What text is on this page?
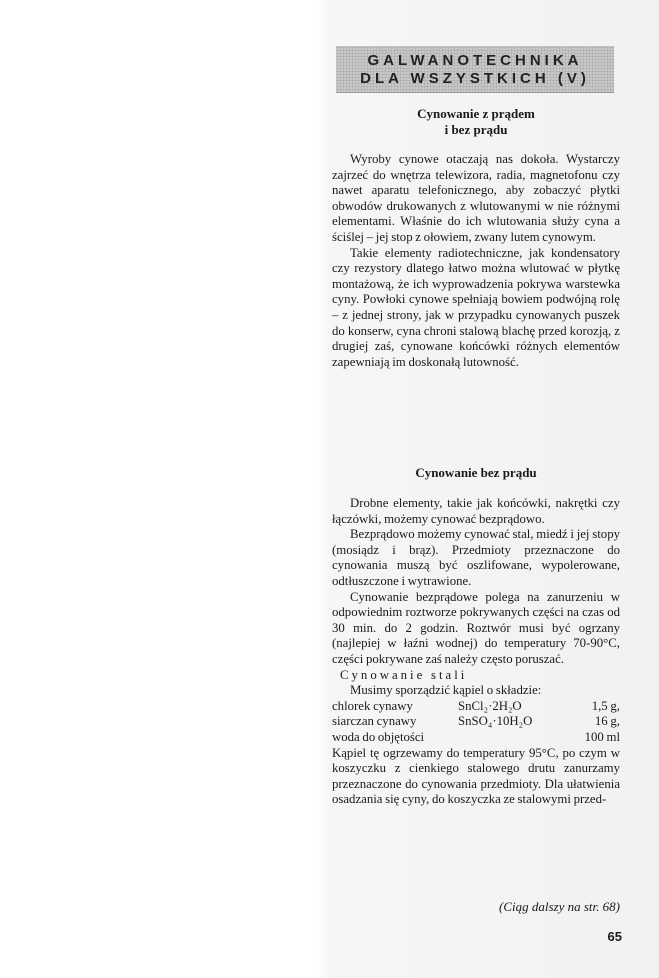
GALWANOTECHNIKA
DLA WSZYSTKICH (V)
Cynowanie z prądem
i bez prądu

Wyroby cynowe otaczają nas dokoła. Wystarczy zajrzeć do wnętrza telewizora, radia, magnetofonu czy nawet aparatu telefonicznego, aby zobaczyć płytki obwodów drukowanych z wlutowanymi w nie różnymi elementami. Właśnie do ich wlutowania służy cyna a ściślej – jej stop z ołowiem, zwany lutem cynowym.

Takie elementy radiotechniczne, jak kondensatory czy rezystory dlatego łatwo można wlutować w płytkę montażową, że ich wyprowadzenia pokrywa warstewka cyny. Powłoki cynowe spełniają bowiem podwójną rolę – z jednej strony, jak w przypadku cynowanych puszek do konserw, cyna chroni stalową blachę przed korozją, z drugiej zaś, cynowane końcówki różnych elementów zapewniają im doskonałą lutowność.

Cynowanie bez prądu

Drobne elementy, takie jak końcówki, nakrętki czy łączówki, możemy cynować bezprądowo.

Bezprądowo możemy cynować stal, miedź i jej stopy (mosiądz i brąz). Przedmioty przeznaczone do cynowania muszą być oszlifowane, wypolerowane, odtłuszczone i wytrawione.

Cynowanie bezprądowe polega na zanurzeniu w odpowiednim roztworze pokrywanych części na czas od 30 min. do 2 godzin. Roztwór musi być ogrzany (najlepiej w łaźni wodnej) do temperatury 70-90°C, części pokrywane zaś należy często poruszać.

Cynowanie stali

Musimy sporządzić kąpiel o składzie:

chlorek cynawy	SnCl₂·2H₂O	1,5 g,
siarczan cynawy	SnSO₄·10H₂O	16 g,
woda do objętości		100 ml

Kąpiel tę ogrzewamy do temperatury 95°C, po czym w koszyczku z cienkiego stalowego drutu zanurzamy przeznaczone do cynowania przedmioty. Dla ułatwienia osadzania się cyny, do koszyczka ze stalowymi przed-

(Ciąg dalszy na str. 68)
65
